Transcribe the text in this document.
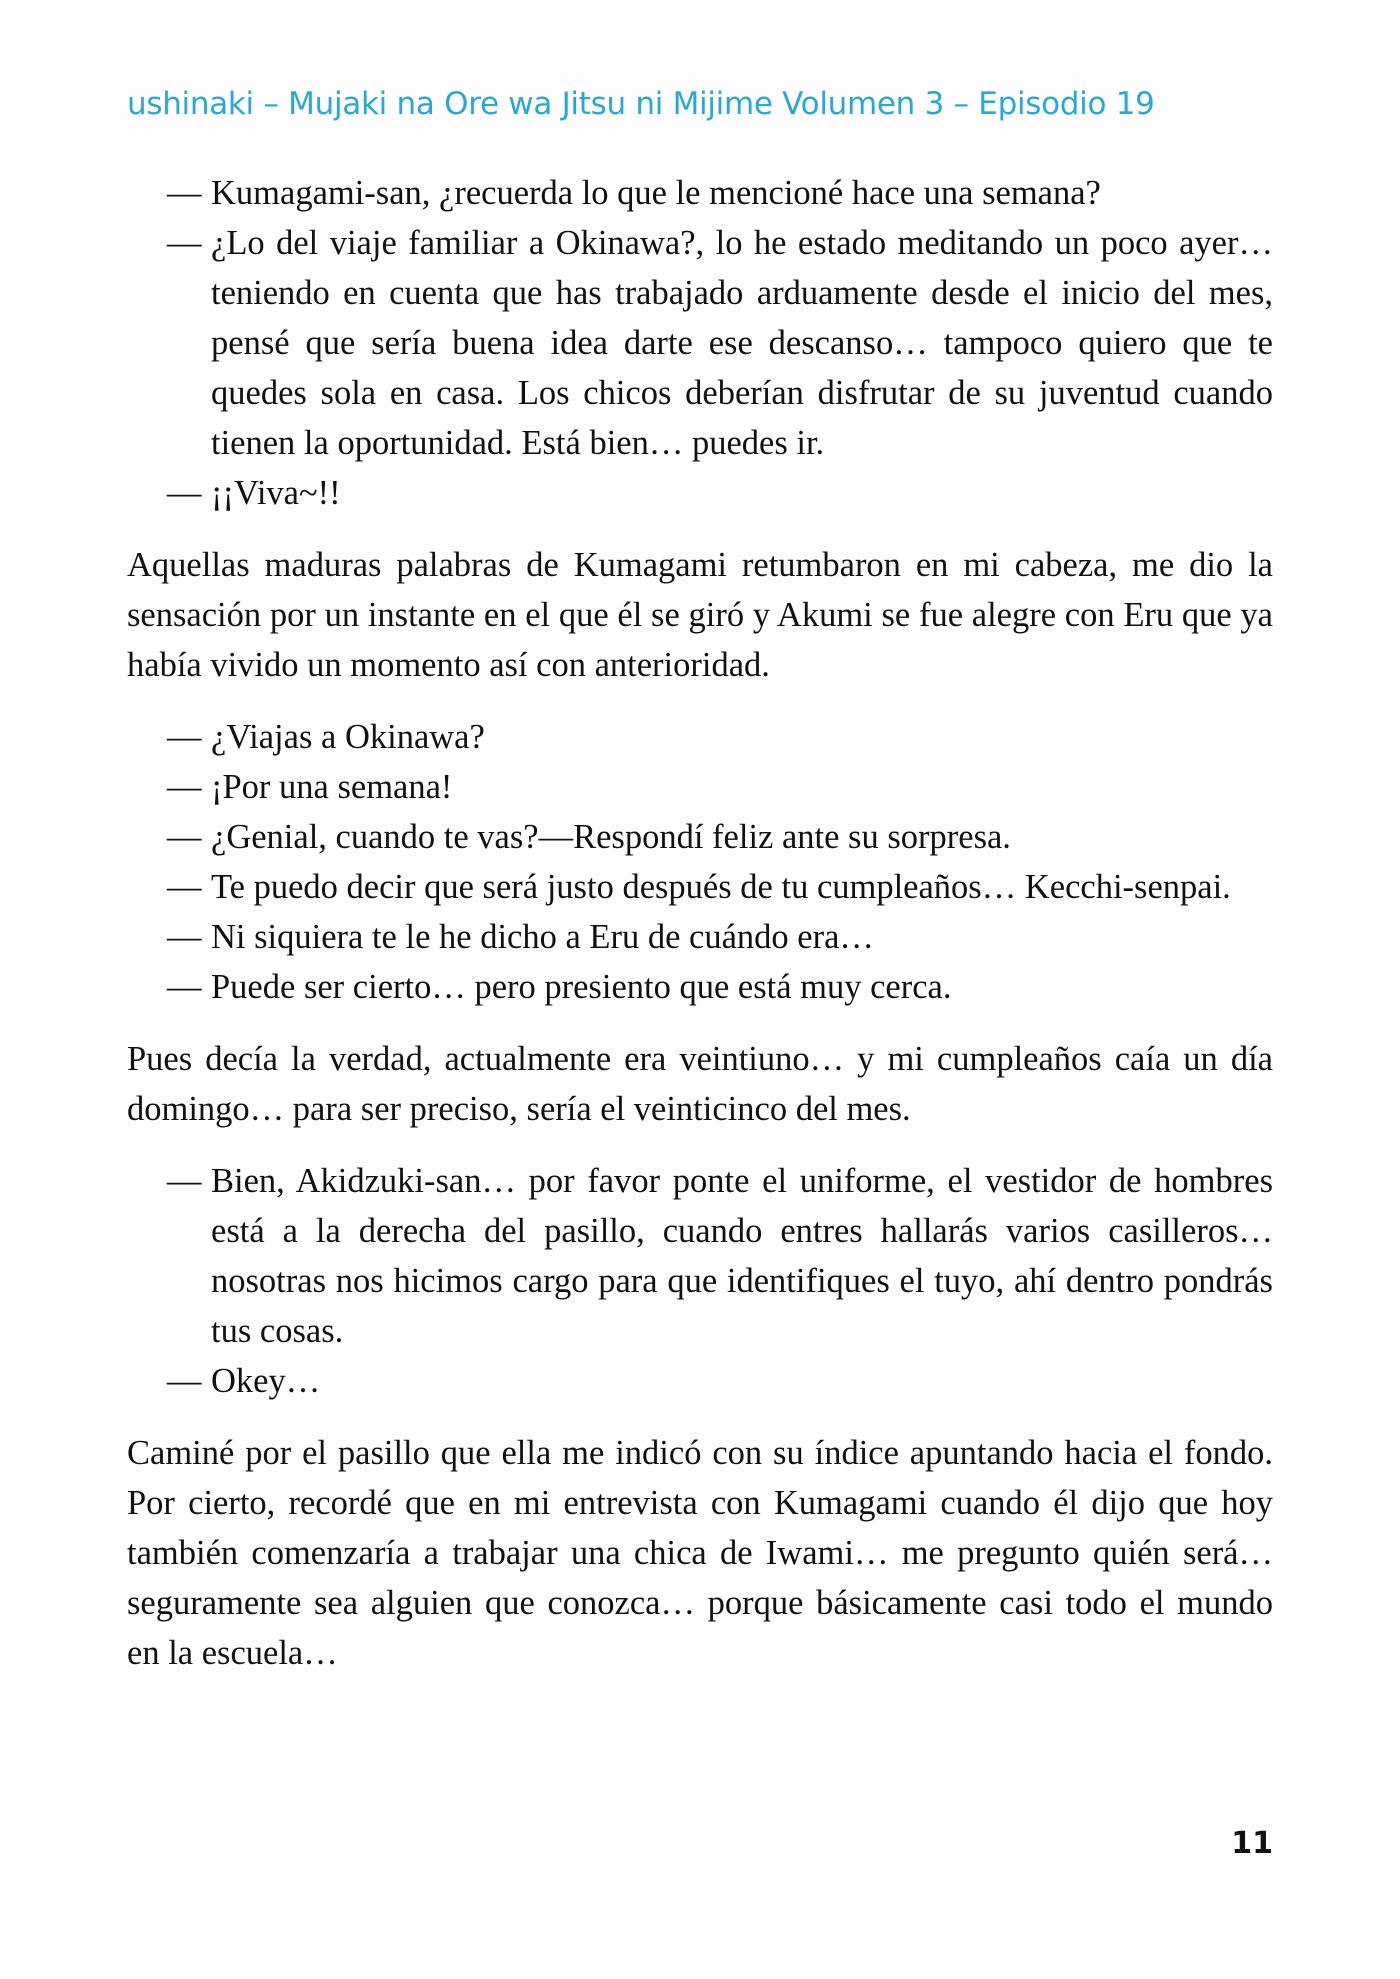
ushinaki – Mujaki na Ore wa Jitsu ni Mijime Volumen 3 – Episodio 19
— Kumagami-san, ¿recuerda lo que le mencioné hace una semana?
— ¿Lo del viaje familiar a Okinawa?, lo he estado meditando un poco ayer… teniendo en cuenta que has trabajado arduamente desde el inicio del mes, pensé que sería buena idea darte ese descanso… tampoco quiero que te quedes sola en casa. Los chicos deberían disfrutar de su juventud cuando tienen la oportunidad. Está bien… puedes ir.
— ¡¡Viva~!!

Aquellas maduras palabras de Kumagami retumbaron en mi cabeza, me dio la sensación por un instante en el que él se giró y Akumi se fue alegre con Eru que ya había vivido un momento así con anterioridad.

— ¿Viajas a Okinawa?
— ¡Por una semana!
— ¿Genial, cuando te vas?—Respondí feliz ante su sorpresa.
— Te puedo decir que será justo después de tu cumpleaños… Kecchi-senpai.
— Ni siquiera te le he dicho a Eru de cuándo era…
— Puede ser cierto… pero presiento que está muy cerca.

Pues decía la verdad, actualmente era veintiuno… y mi cumpleaños caía un día domingo… para ser preciso, sería el veinticinco del mes.

— Bien, Akidzuki-san… por favor ponte el uniforme, el vestidor de hombres está a la derecha del pasillo, cuando entres hallarás varios casilleros… nosotras nos hicimos cargo para que identifiques el tuyo, ahí dentro pondrás tus cosas.
— Okey…

Caminé por el pasillo que ella me indicó con su índice apuntando hacia el fondo. Por cierto, recordé que en mi entrevista con Kumagami cuando él dijo que hoy también comenzaría a trabajar una chica de Iwami… me pregunto quién será… seguramente sea alguien que conozca… porque básicamente casi todo el mundo en la escuela…

11
